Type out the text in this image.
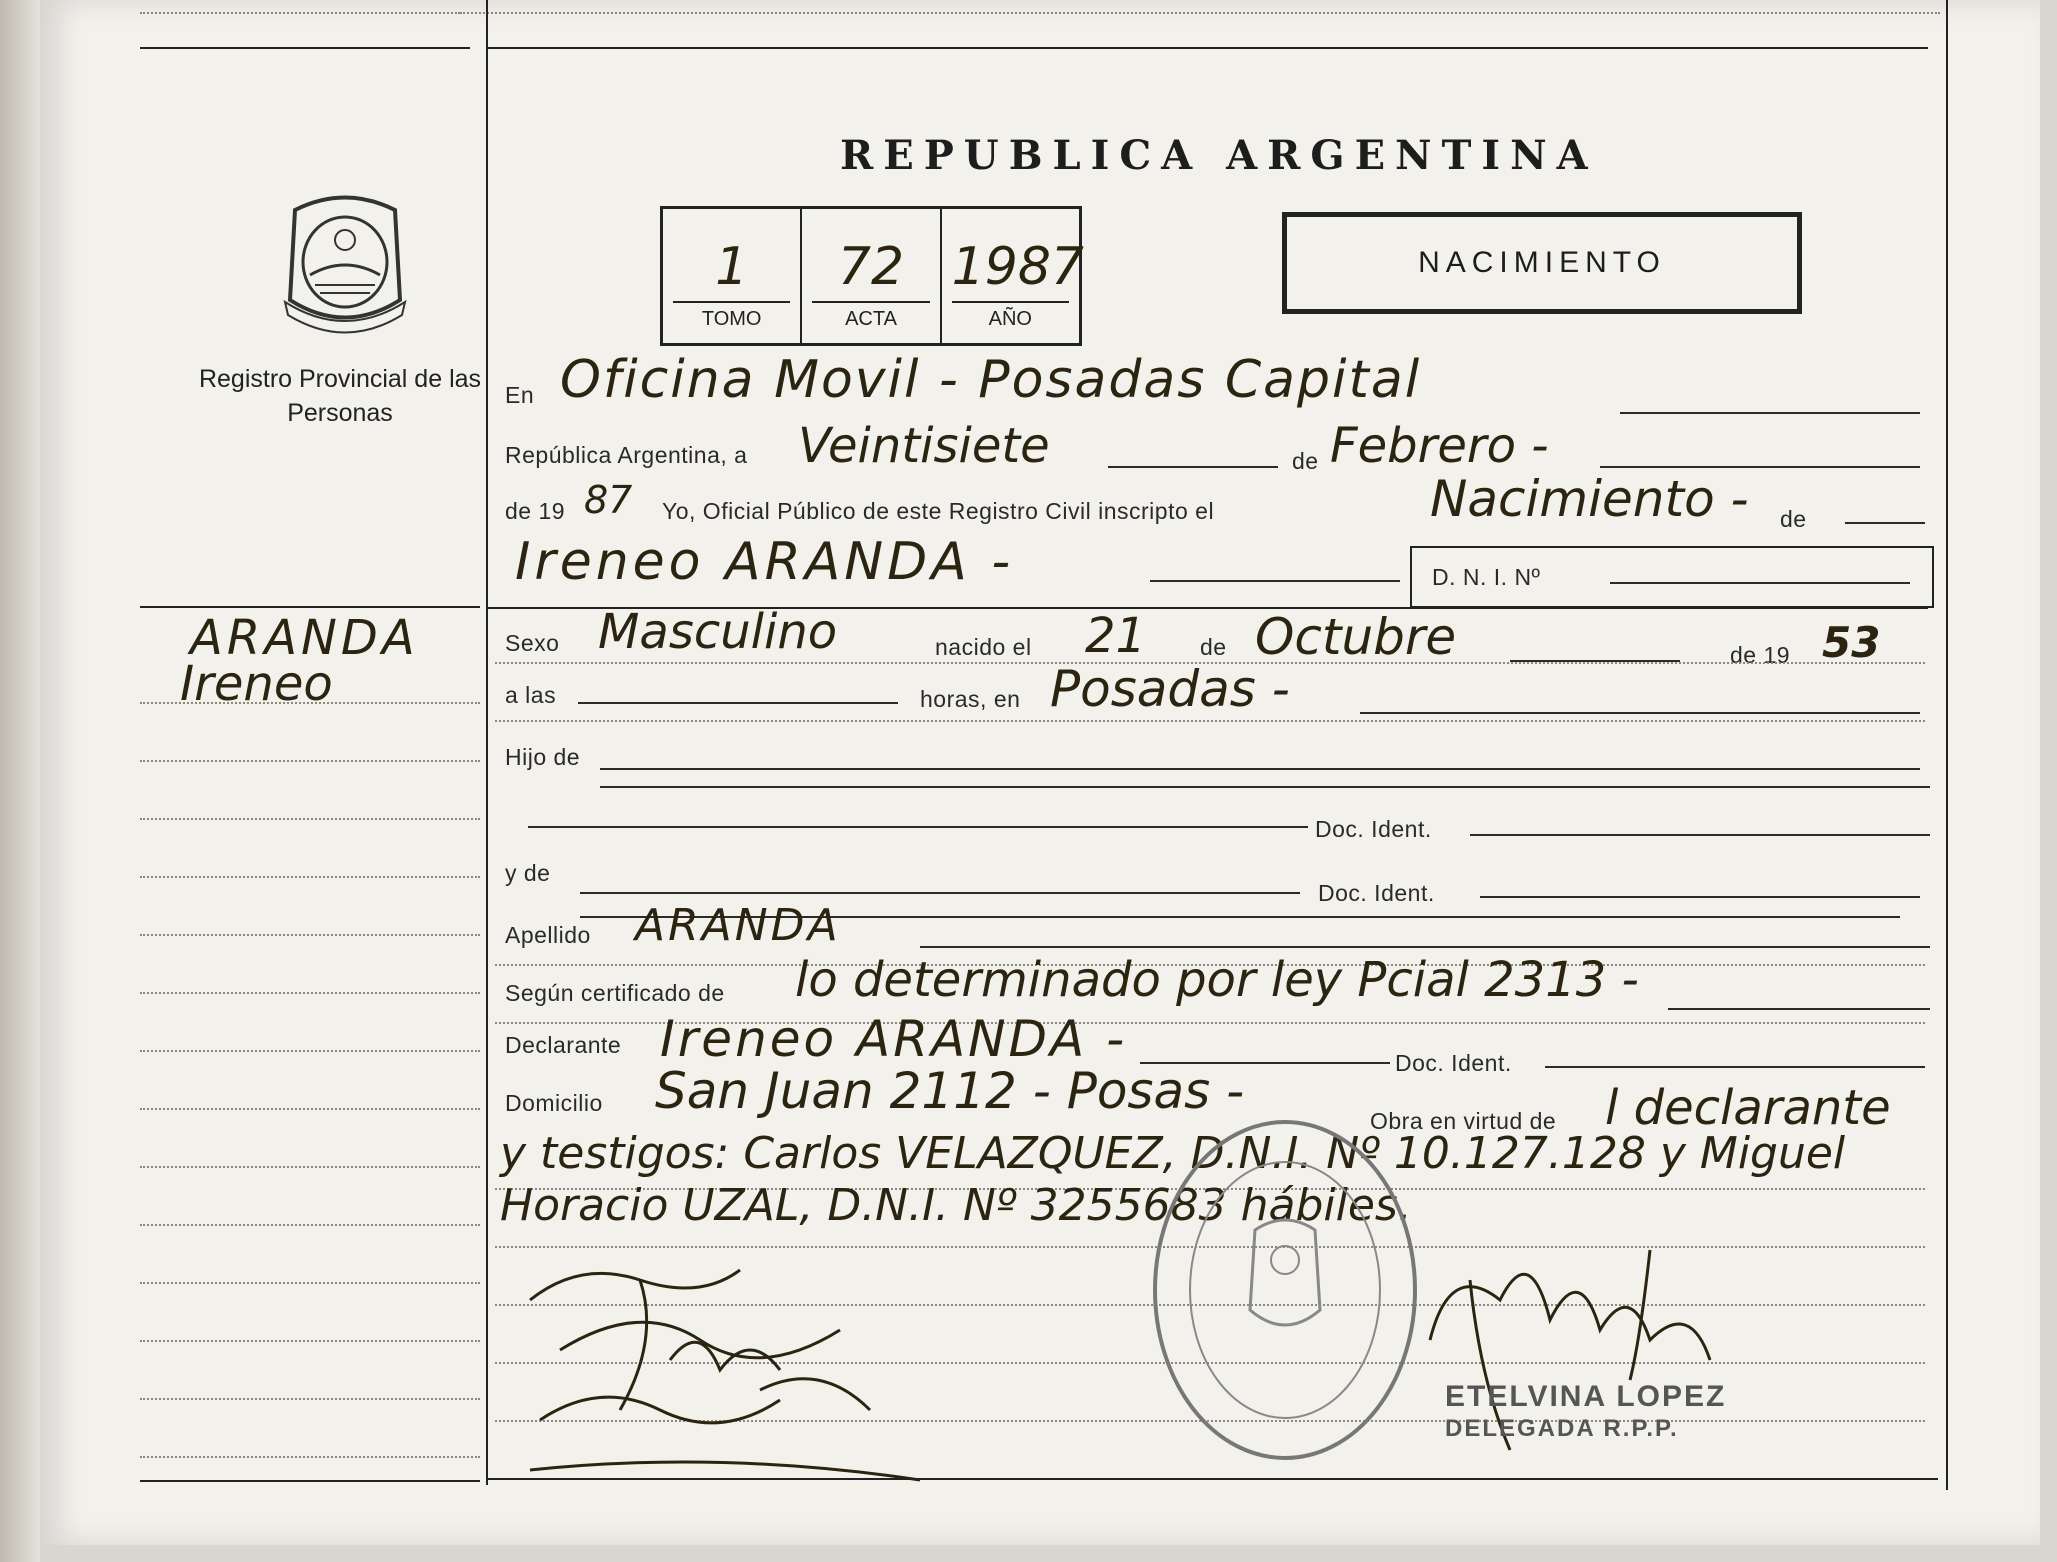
Registro Provincial de las Personas
ARANDA
Ireneo
REPUBLICA ARGENTINA
1
TOMO
72
ACTA
1987
AÑO
NACIMIENTO
En Oficina Movil - Posadas Capital
República Argentina, a Veintisiete	de Febrero -
de 19 87 Yo, Oficial Público de este Registro Civil inscripto el	Nacimiento - de
Ireneo ARANDA -	D. N. I. Nº
Sexo Masculino	nacido el 21 de Octubre	de 19 53
a las	horas, en Posadas -
Hijo de
Doc. Ident.
y de
Doc. Ident.
Apellido ARANDA
Según certificado de lo determinado por ley Pcial 2313 -
Declarante Ireneo ARANDA -	Doc. Ident.
Domicilio San Juan 2112 - Posas -
Obra en virtud de l declarante
y testigos: Carlos VELAZQUEZ, D.N.I. Nº 10.127.128 y Miguel
Horacio UZAL, D.N.I. Nº 3255683 hábiles.
ETELVINA LOPEZ
DELEGADA R.P.P.
